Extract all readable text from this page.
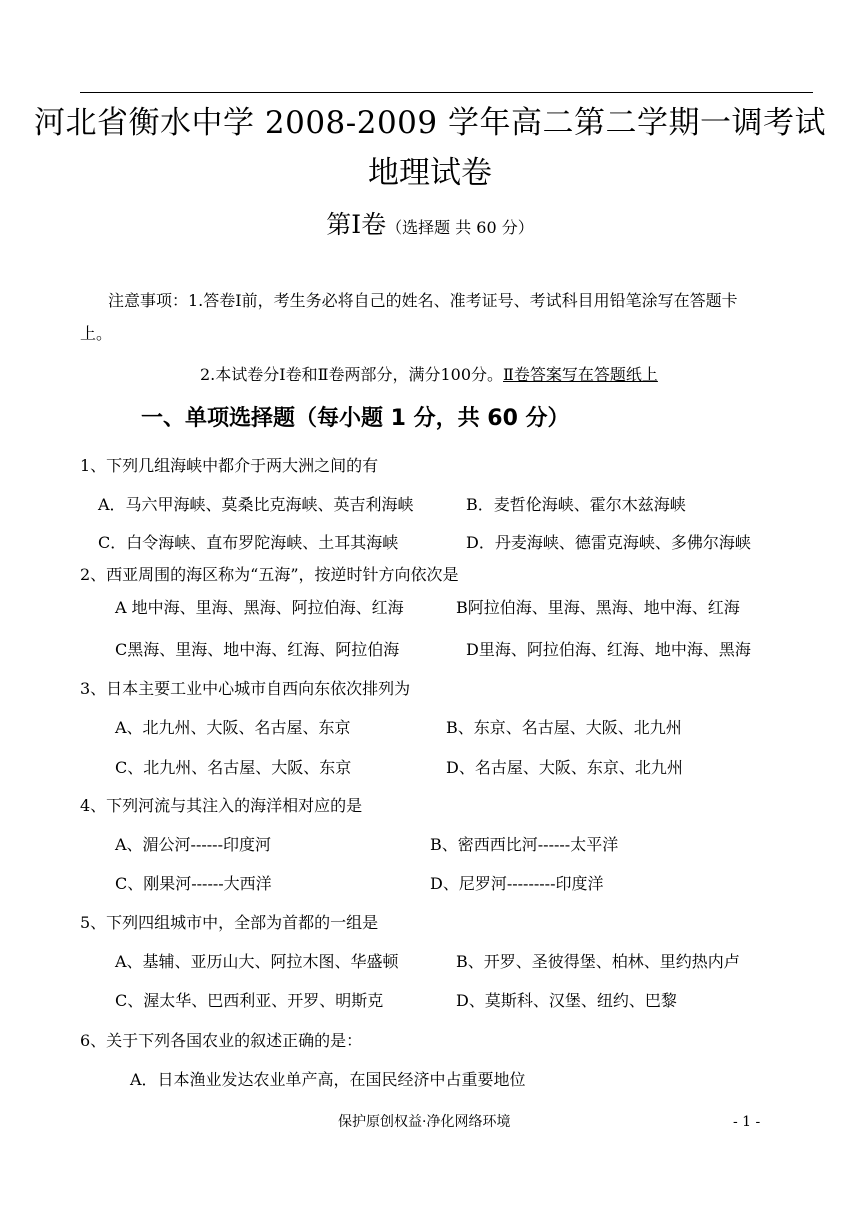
河北省衡水中学 2008-2009 学年高二第二学期一调考试
地理试卷
第Ⅰ卷（选择题 共 60 分）
注意事项：1.答卷Ⅰ前，考生务必将自己的姓名、准考证号、考试科目用铅笔涂写在答题卡
上。
2.本试卷分Ⅰ卷和Ⅱ卷两部分，满分100分。Ⅱ卷答案写在答题纸上
一、单项选择题（每小题 1 分，共 60 分）
1、下列几组海峡中都介于两大洲之间的有
A．马六甲海峡、莫桑比克海峡、英吉利海峡	B．麦哲伦海峡、霍尔木兹海峡
C．白令海峡、直布罗陀海峡、土耳其海峡	D．丹麦海峡、德雷克海峡、多佛尔海峡
2、西亚周围的海区称为“五海”，按逆时针方向依次是
A 地中海、里海、黑海、阿拉伯海、红海	B阿拉伯海、里海、黑海、地中海、红海
C黑海、里海、地中海、红海、阿拉伯海	D里海、阿拉伯海、红海、地中海、黑海
3、日本主要工业中心城市自西向东依次排列为
A、北九州、大阪、名古屋、东京	B、东京、名古屋、大阪、北九州
C、北九州、名古屋、大阪、东京	D、名古屋、大阪、东京、北九州
4、下列河流与其注入的海洋相对应的是
A、湄公河------印度河	B、密西西比河------太平洋
C、刚果河------大西洋	D、尼罗河---------印度洋
5、下列四组城市中，全部为首都的一组是
A、基辅、亚历山大、阿拉木图、华盛顿	B、开罗、圣彼得堡、柏林、里约热内卢
C、渥太华、巴西利亚、开罗、明斯克	D、莫斯科、汉堡、纽约、巴黎
6、关于下列各国农业的叙述正确的是：
A．日本渔业发达农业单产高，在国民经济中占重要地位
保护原创权益·净化网络环境	- 1 -
